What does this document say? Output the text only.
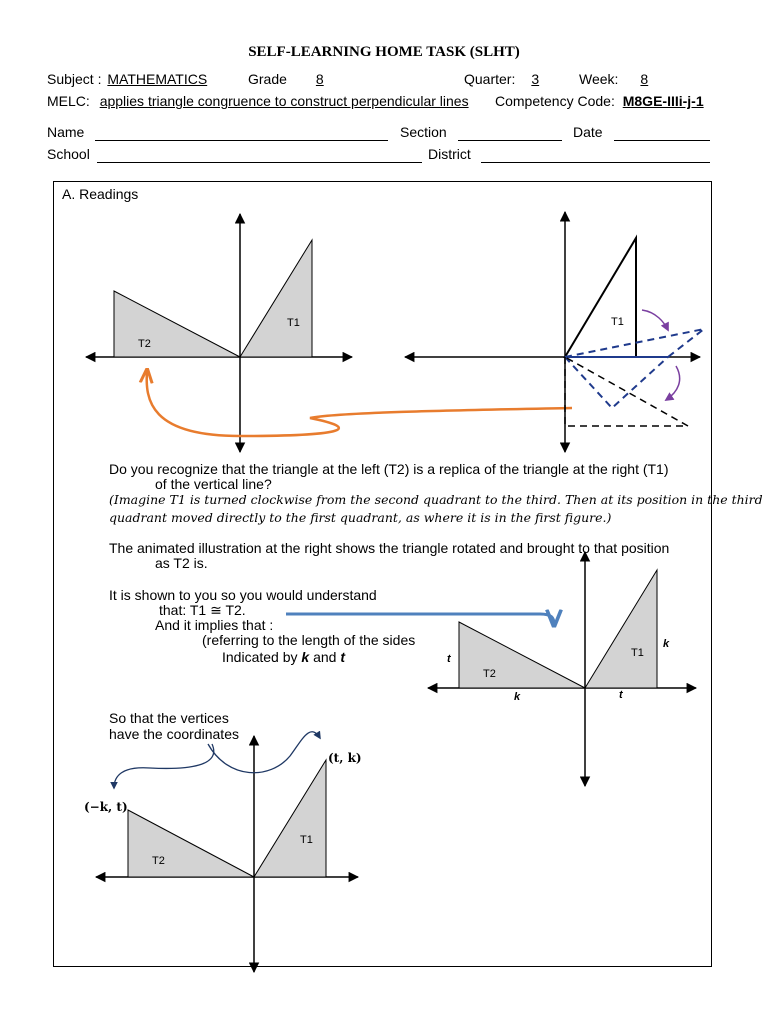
SELF-LEARNING HOME TASK (SLHT)
Subject : MATHEMATICS	Grade 8	Quarter: 3	Week: 8
MELC: applies triangle congruence to construct perpendicular lines Competency Code: M8GE-IIIi-j-1
Name	Section	Date
School	District
A. Readings
T2
T1	T1
T2
T1
t
k
k	t
T2
T1
(−k, t)
(t, k)
Do you recognize that the triangle at the left (T2) is a replica of the triangle at the right (T1)
of the vertical line?
(Imagine T1 is turned clockwise from the second quadrant to the third. Then at its position in the third
quadrant moved directly to the first quadrant, as where it is in the first figure.)
The animated illustration at the right shows the triangle rotated and brought to that position
as T2 is.
It is shown to you so you would understand
that: T1 ≅ T2.
And it implies that :
(referring to the length of the sides
Indicated by k and t
So that the vertices
have the coordinates
